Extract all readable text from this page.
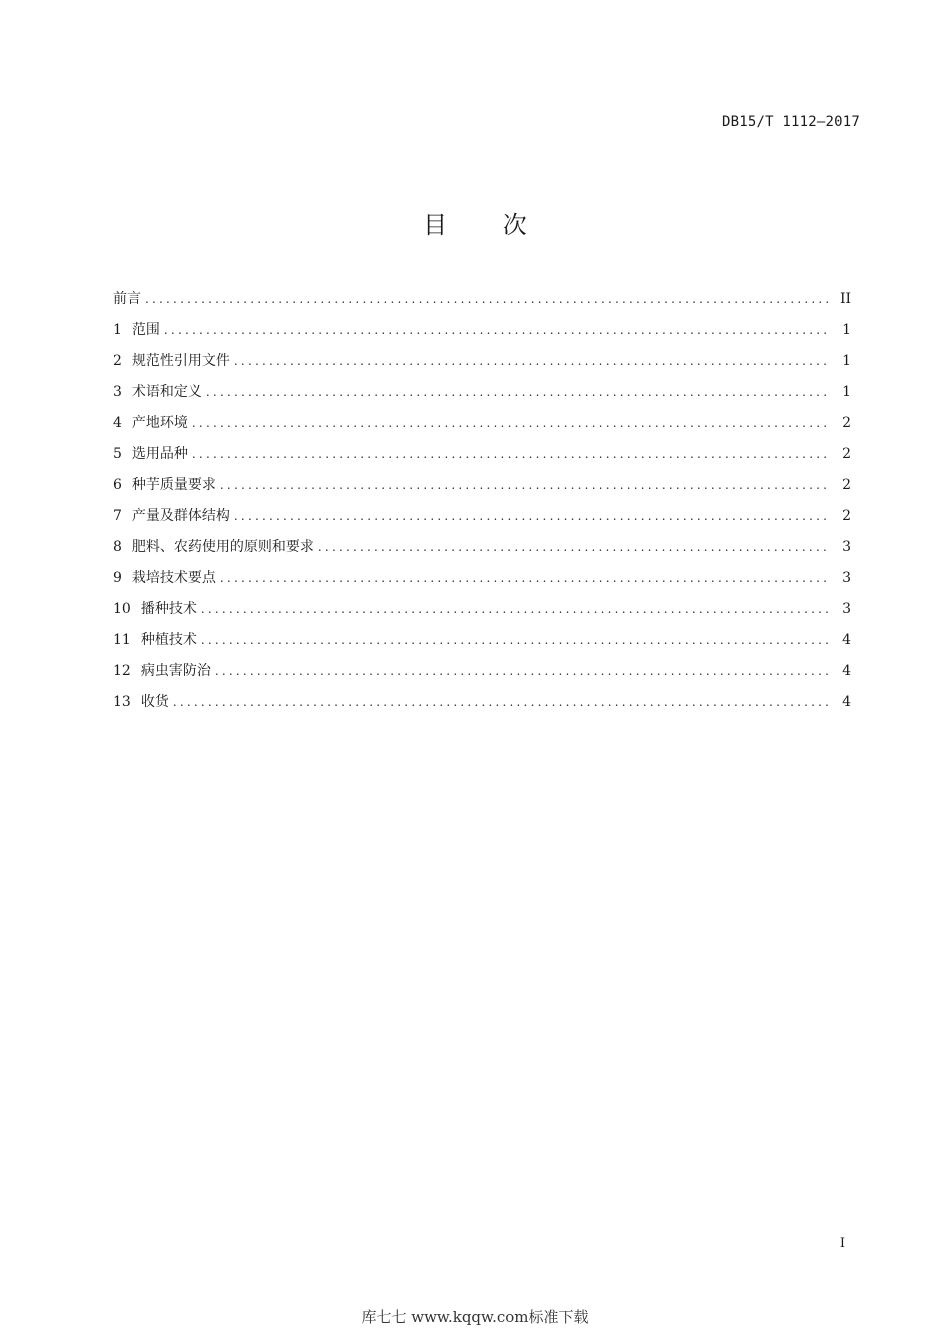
DB15/T 1112—2017
目 次
前言 .....	II
1 范围 .....	1
2 规范性引用文件 .....	1
3 术语和定义 .....	1
4 产地环境 .....	2
5 选用品种 .....	2
6 种芋质量要求 .....	2
7 产量及群体结构 .....	2
8 肥料、农药使用的原则和要求 .....	3
9 栽培技术要点 .....	3
10 播种技术 .....	3
11 种植技术 .....	4
12 病虫害防治 .....	4
13 收货 .....	4
I
库七七 www.kqqw.com标准下载
